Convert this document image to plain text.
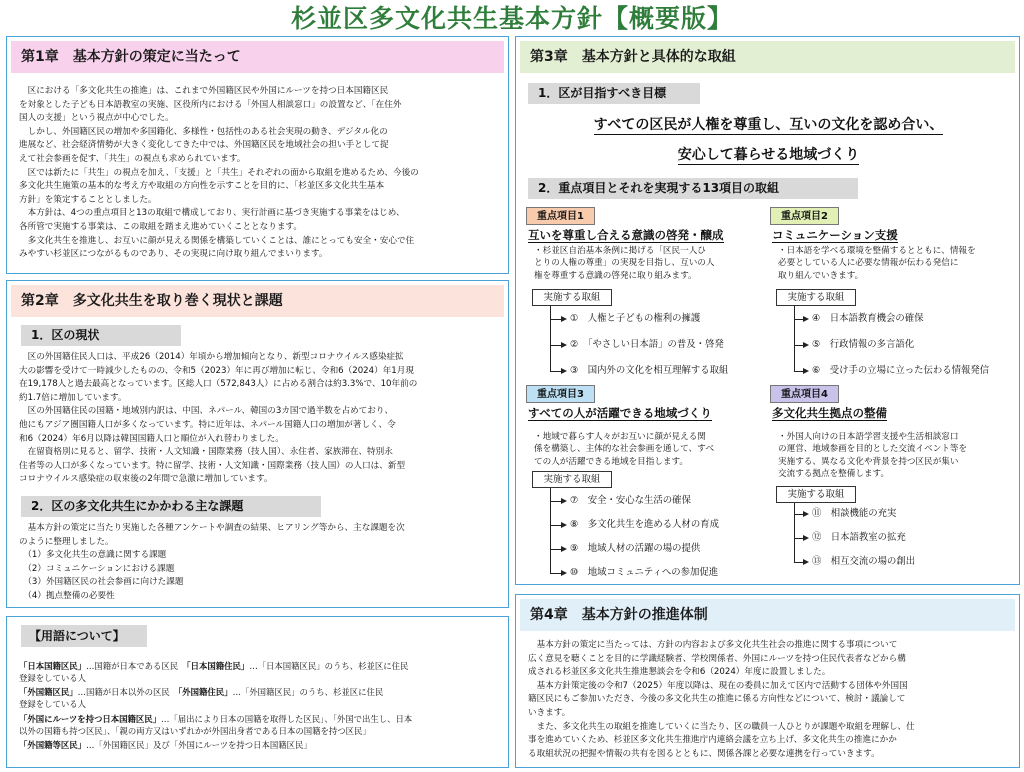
杉並区多文化共生基本方針【概要版】
第1章　基本方針の策定に当たって
　区における「多文化共生の推進」は、これまで外国籍区民や外国にルーツを持つ日本国籍区民
を対象とした子ども日本語教室の実施、区役所内における「外国人相談窓口」の設置など、「在住外
国人の支援」という視点が中心でした。
　しかし、外国籍区民の増加や多国籍化、多様性・包括性のある社会実現の動き、デジタル化の
進展など、社会経済情勢が大きく変化してきた中では、外国籍区民を地域社会の担い手として捉
えて社会参画を促す、「共生」の視点も求められています。
　区では新たに「共生」の視点を加え、「支援」と「共生」それぞれの面から取組を進めるため、今後の
多文化共生施策の基本的な考え方や取組の方向性を示すことを目的に、「杉並区多文化共生基本
方針」を策定することとしました。
　本方針は、4つの重点項目と13の取組で構成しており、実行計画に基づき実施する事業をはじめ、
各所管で実施する事業は、この取組を踏まえ進めていくこととなります。
　多文化共生を推進し、お互いに顔が見える関係を構築していくことは、誰にとっても安全・安心で住
みやすい杉並区につながるものであり、その実現に向け取り組んでまいります。
第2章　多文化共生を取り巻く現状と課題
1．区の現状
　区の外国籍住民人口は、平成26（2014）年頃から増加傾向となり、新型コロナウイルス感染症拡
大の影響を受けて一時減少したものの、令和5（2023）年に再び増加に転じ、令和6（2024）年1月現
在19,178人と過去最高となっています。区総人口（572,843人）に占める割合は約3.3%で、10年前の
約1.7倍に増加しています。
　区の外国籍住民の国籍・地域別内訳は、中国、ネパール、韓国の3カ国で過半数を占めており、
他にもアジア圏国籍人口が多くなっています。特に近年は、ネパール国籍人口の増加が著しく、令
和6（2024）年6月以降は韓国国籍人口と順位が入れ替わりました。
　在留資格別に見ると、留学、技術・人文知識・国際業務（技人国）、永住者、家族滞在、特別永
住者等の人口が多くなっています。特に留学、技術・人文知識・国際業務（技人国）の人口は、新型
コロナウイルス感染症の収束後の2年間で急激に増加しています。
2．区の多文化共生にかかわる主な課題
　基本方針の策定に当たり実施した各種アンケートや調査の結果、ヒアリング等から、主な課題を次
のように整理しました。
　（1）多文化共生の意識に関する課題
　（2）コミュニケーションにおける課題
　（3）外国籍区民の社会参画に向けた課題
　（4）拠点整備の必要性
【用語について】
「日本国籍区民」…国籍が日本である区民　「日本国籍住民」…「日本国籍区民」のうち、杉並区に住民
登録をしている人
「外国籍区民」…国籍が日本以外の区民　「外国籍住民」…「外国籍区民」のうち、杉並区に住民
登録をしている人
「外国にルーツを持つ日本国籍区民」…「届出により日本の国籍を取得した区民」、「外国で出生し、日本
以外の国籍も持つ区民」、「親の両方又はいずれかが外国出身者である日本の国籍を持つ区民」
「外国籍等区民」…「外国籍区民」及び「外国にルーツを持つ日本国籍区民」
第3章　基本方針と具体的な取組
1．区が目指すべき目標
すべての区民が人権を尊重し、互いの文化を認め合い、
安心して暮らせる地域づくり
2．重点項目とそれを実現する13項目の取組
重点項目1
互いを尊重し合える意識の啓発・醸成
・杉並区自治基本条例に掲げる「区民一人ひ
とりの人権の尊重」の実現を目指し、互いの人
権を尊重する意識の啓発に取り組みます。
実施する取組
①　人権と子どもの権利の擁護
②　「やさしい日本語」の普及・啓発
③　国内外の文化を相互理解する取組
重点項目2
コミュニケーション支援
・日本語を学べる環境を整備するとともに、情報を
必要としている人に必要な情報が伝わる発信に
取り組んでいきます。
実施する取組
④　日本語教育機会の確保
⑤　行政情報の多言語化
⑥　受け手の立場に立った伝わる情報発信
重点項目3
すべての人が活躍できる地域づくり
・地域で暮らす人々がお互いに顔が見える関
係を構築し、主体的な社会参画を通して、すべ
ての人が活躍できる地域を目指します。
実施する取組
⑦　安全・安心な生活の確保
⑧　多文化共生を進める人材の育成
⑨　地域人材の活躍の場の提供
⑩　地域コミュニティへの参加促進
重点項目4
多文化共生拠点の整備
・外国人向けの日本語学習支援や生活相談窓口
の運営、地域参画を目的とした交流イベント等を
実施する、異なる文化や背景を持つ区民が集い
交流する拠点を整備します。
実施する取組
⑪　相談機能の充実
⑫　日本語教室の拡充
⑬　相互交流の場の創出
第4章　基本方針の推進体制
　基本方針の策定に当たっては、方針の内容および多文化共生社会の推進に関する事項について
広く意見を聴くことを目的に学識経験者、学校関係者、外国にルーツを持つ住民代表者などから構
成される杉並区多文化共生推進懇談会を令和6（2024）年度に設置しました。
　基本方針策定後の令和7（2025）年度以降は、現在の委員に加えて区内で活動する団体や外国国
籍区民にもご参加いただき、今後の多文化共生の推進に係る方向性などについて、検討・議論して
いきます。
　また、多文化共生の取組を推進していくに当たり、区の職員一人ひとりが課題や取組を理解し、仕
事を進めていくため、杉並区多文化共生推進庁内連絡会議を立ち上げ、多文化共生の推進にかか
る取組状況の把握や情報の共有を図るとともに、関係各課と必要な連携を行っていきます。
